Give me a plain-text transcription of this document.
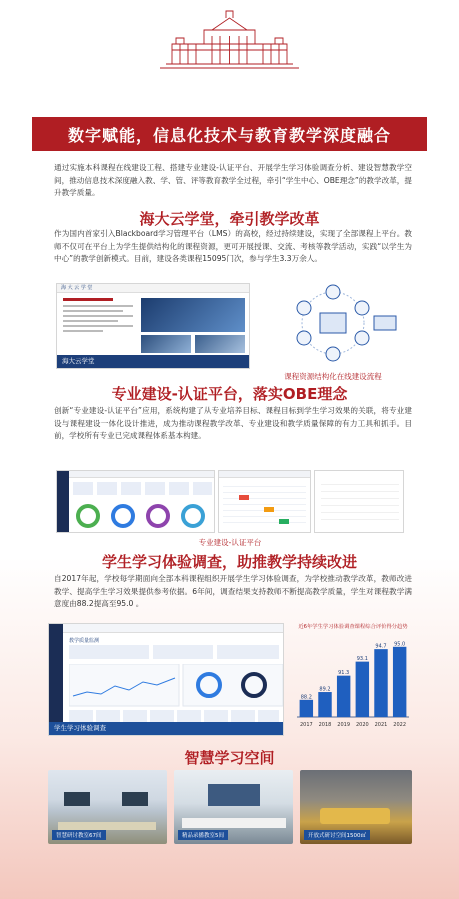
数字赋能，信息化技术与教育教学深度融合
通过实施本科课程在线建设工程、搭建专业建设-认证平台、开展学生学习体验调查分析、建设智慧教学空间，推动信息技术深度融入教、学、管、评等教育教学全过程，牵引“学生中心、OBE理念”的教学改革，提升教学质量。
海大云学堂，牵引教学改革
作为国内首家引入Blackboard学习管理平台（LMS）的高校，经过持续建设，实现了全部课程上平台。教师不仅可在平台上为学生提供结构化的课程资源，更可开展授课、交流、考核等教学活动，实践“以学生为中心”的教学创新模式。目前，建设各类课程15095门次，参与学生3.3万余人。
海 大 云 学 堂
海大云学堂
课程资源结构化在线建设流程
专业建设-认证平台，落实OBE理念
创新“专业建设-认证平台”应用，系统构建了从专业培养目标、课程目标到学生学习效果的关联，将专业建设与课程建设一体化设计推进，成为推动课程教学改革、专业建设和教学质量保障的有力工具和抓手。目前，学校所有专业已完成课程体系基本构建。
专业建设-认证平台
学生学习体验调查，助推教学持续改进
自2017年起，学校每学期面向全部本科课程组织开展学生学习体验调查，为学校推动教学改革，教师改进教学、提高学生学习效果提供参考依据。6年间，调查结果支持教师不断提高教学质量，学生对课程教学满意度由88.2提高至95.0 。
教学质量监测
学生学习体验调查
近6年学生学习体验调查课程综合评价得分趋势
88.2
2017
89.2
2018
91.3
2019
93.1
2020
94.7
2021
95.0
2022
智慧学习空间
智慧研讨教室67间	精品录播教室5间	开放式研讨空间1500㎡
